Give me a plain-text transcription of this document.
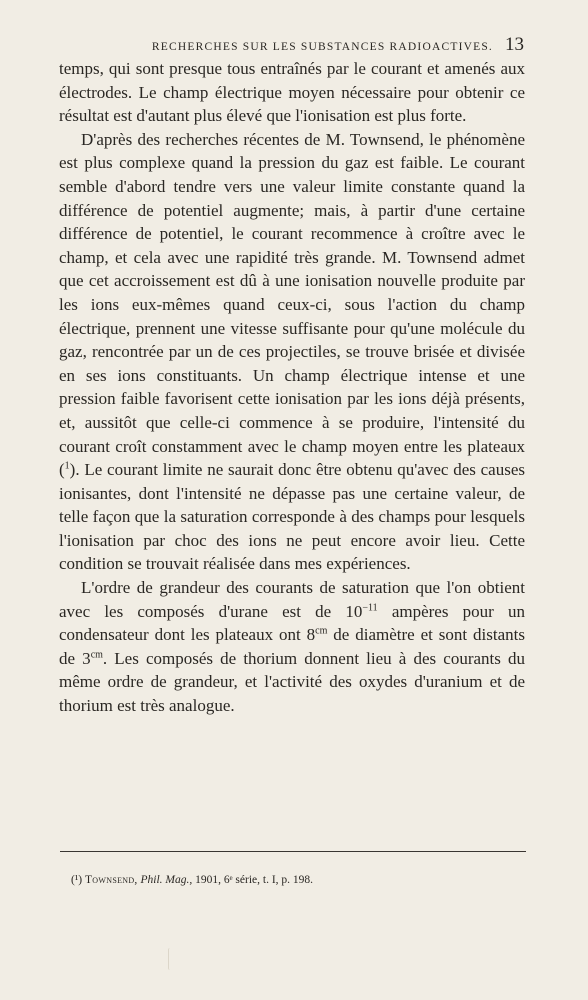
RECHERCHES SUR LES SUBSTANCES RADIOACTIVES. 13

temps, qui sont presque tous entraînés par le courant et amenés aux électrodes. Le champ électrique moyen nécessaire pour obtenir ce résultat est d'autant plus élevé que l'ionisation est plus forte.

D'après des recherches récentes de M. Townsend, le phénomène est plus complexe quand la pression du gaz est faible. Le courant semble d'abord tendre vers une valeur limite constante quand la différence de potentiel augmente; mais, à partir d'une certaine différence de potentiel, le courant recommence à croître avec le champ, et cela avec une rapidité très grande. M. Townsend admet que cet accroissement est dû à une ionisation nouvelle produite par les ions eux-mêmes quand ceux-ci, sous l'action du champ électrique, prennent une vitesse suffisante pour qu'une molécule du gaz, rencontrée par un de ces projectiles, se trouve brisée et divisée en ses ions constituants. Un champ électrique intense et une pression faible favorisent cette ionisation par les ions déjà présents, et, aussitôt que celle-ci commence à se produire, l'intensité du courant croît constamment avec le champ moyen entre les plateaux ($^1$). Le courant limite ne saurait donc être obtenu qu'avec des causes ionisantes, dont l'intensité ne dépasse pas une certaine valeur, de telle façon que la saturation corresponde à des champs pour lesquels l'ionisation par choc des ions ne peut encore avoir lieu. Cette condition se trouvait réalisée dans mes expériences.

L'ordre de grandeur des courants de saturation que l'on obtient avec les composés d'urane est de $10^{-11}$ ampères pour un condensateur dont les plateaux ont $8^{cm}$ de diamètre et sont distants de $3^{cm}$. Les composés de thorium donnent lieu à des courants du même ordre de grandeur, et l'activité des oxydes d'uranium et de thorium est très analogue.

(¹) Townsend, Phil. Mag., 1901, 6ᵉ série, t. I, p. 198.
